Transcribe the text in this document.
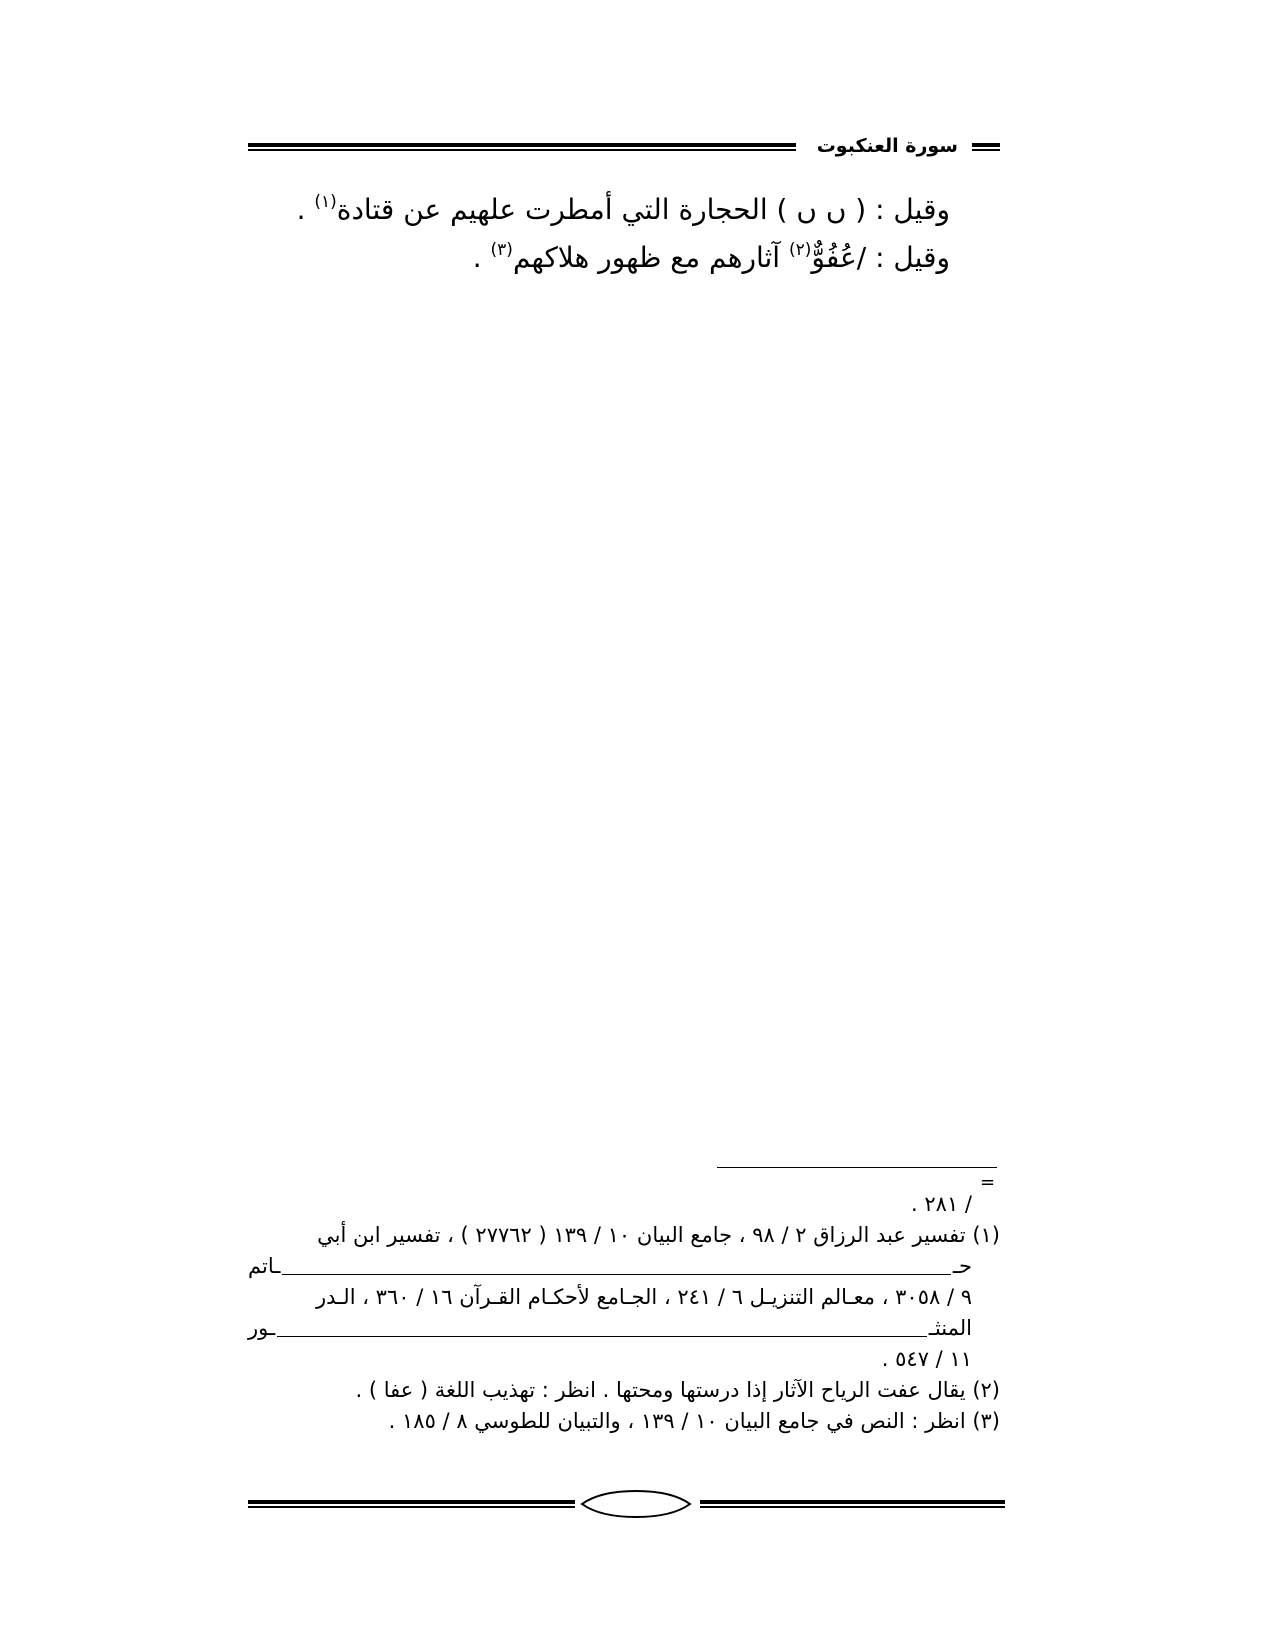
سورة العنكبوت

وقيل : ( ں ں ) الحجارة التي أمطرت علهيم عن قتادة$^{(١)}$ .

وقيل : /عُفُوٌّ$^{(٢)}$ آثارهم مع ظهور هلاكهم$^{(٣)}$ .

=

/ ٢٨١ .

(١) تفسير عبد الرزاق ٢ / ٩٨ ، جامع البيان ١٠ / ١٣٩ ( ٢٧٧٦٢ ) ، تفسير ابن أبي

حـ
ـاتم

٩ / ٣٠٥٨ ، معـالم التنزيـل ٦ / ٢٤١ ، الجـامع لأحكـام القـرآن ١٦ / ٣٦٠ ، الـدر

المنثـ
ـور

١١ / ٥٤٧ .

(٢) يقال عفت الرياح الآثار إذا درستها ومحتها . انظر : تهذيب اللغة ( عفا ) .

(٣) انظر : النص في جامع البيان ١٠ / ١٣٩ ، والتبيان للطوسي ٨ / ١٨٥ .
